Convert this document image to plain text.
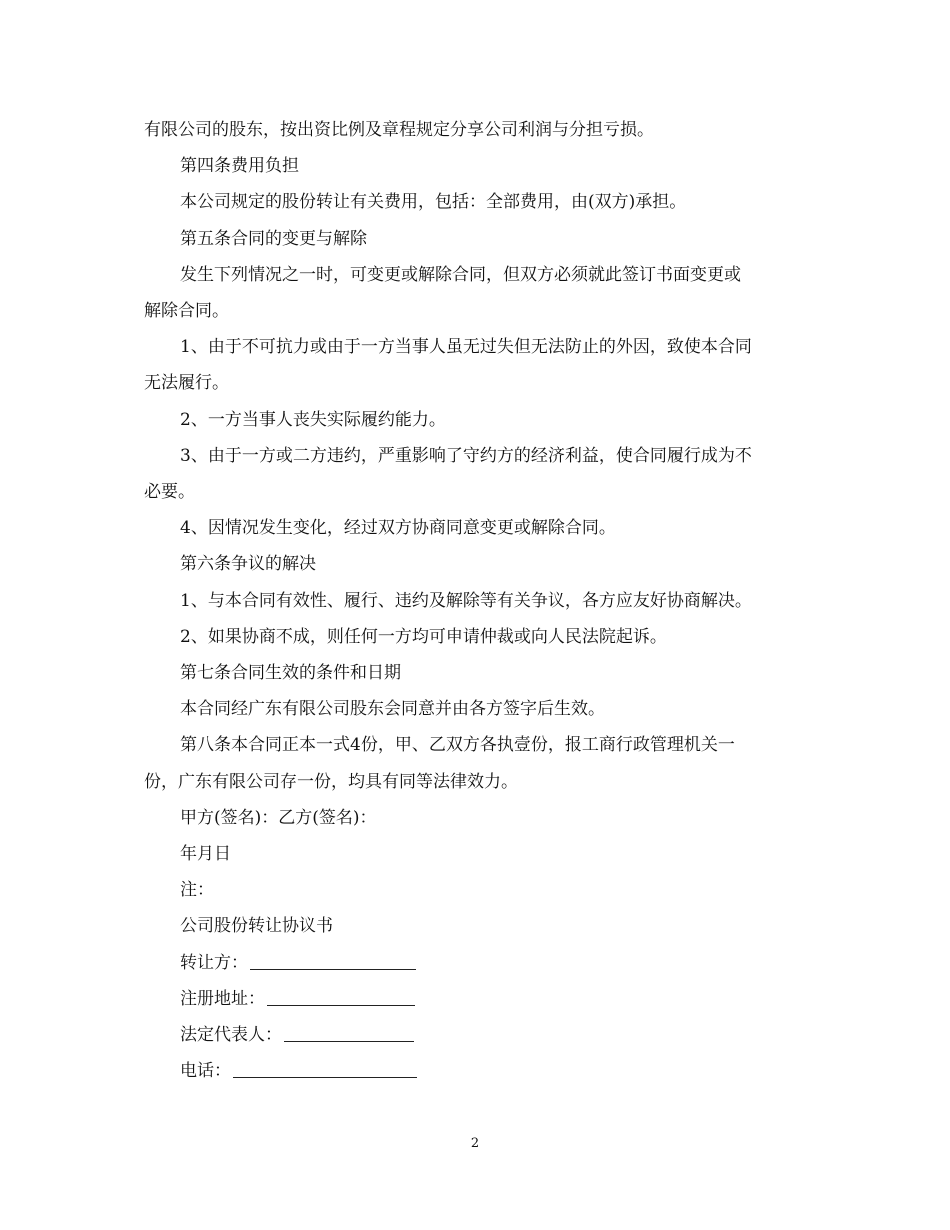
有限公司的股东，按出资比例及章程规定分享公司利润与分担亏损。

第四条费用负担

本公司规定的股份转让有关费用，包括：全部费用，由(双方)承担。

第五条合同的变更与解除

发生下列情况之一时，可变更或解除合同，但双方必须就此签订书面变更或

解除合同。

1、由于不可抗力或由于一方当事人虽无过失但无法防止的外因，致使本合同

无法履行。

2、一方当事人丧失实际履约能力。

3、由于一方或二方违约，严重影响了守约方的经济利益，使合同履行成为不

必要。

4、因情况发生变化，经过双方协商同意变更或解除合同。

第六条争议的解决

1、与本合同有效性、履行、违约及解除等有关争议，各方应友好协商解决。

2、如果协商不成，则任何一方均可申请仲裁或向人民法院起诉。

第七条合同生效的条件和日期

本合同经广东有限公司股东会同意并由各方签字后生效。

第八条本合同正本一式4份，甲、乙双方各执壹份，报工商行政管理机关一

份，广东有限公司存一份，均具有同等法律效力。

甲方(签名)：乙方(签名)：

年月日

注：

公司股份转让协议书

转让方：

注册地址：

法定代表人：

电话：

2
